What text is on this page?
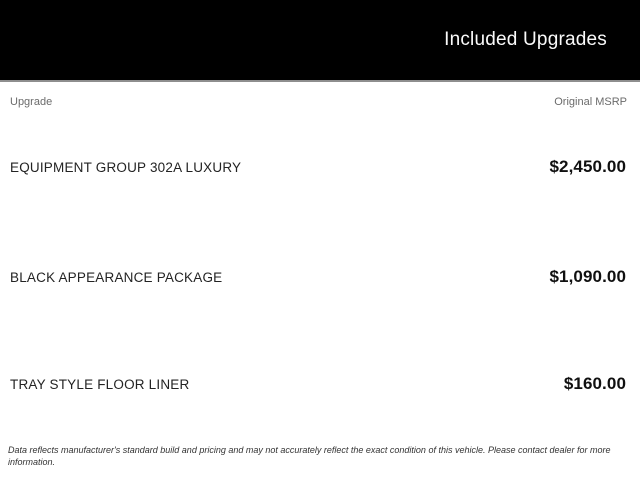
Included Upgrades
Upgrade	Original MSRP
EQUIPMENT GROUP 302A LUXURY	$2,450.00
BLACK APPEARANCE PACKAGE	$1,090.00
TRAY STYLE FLOOR LINER	$160.00
Data reflects manufacturer's standard build and pricing and may not accurately reflect the exact condition of this vehicle. Please contact dealer for more information.
